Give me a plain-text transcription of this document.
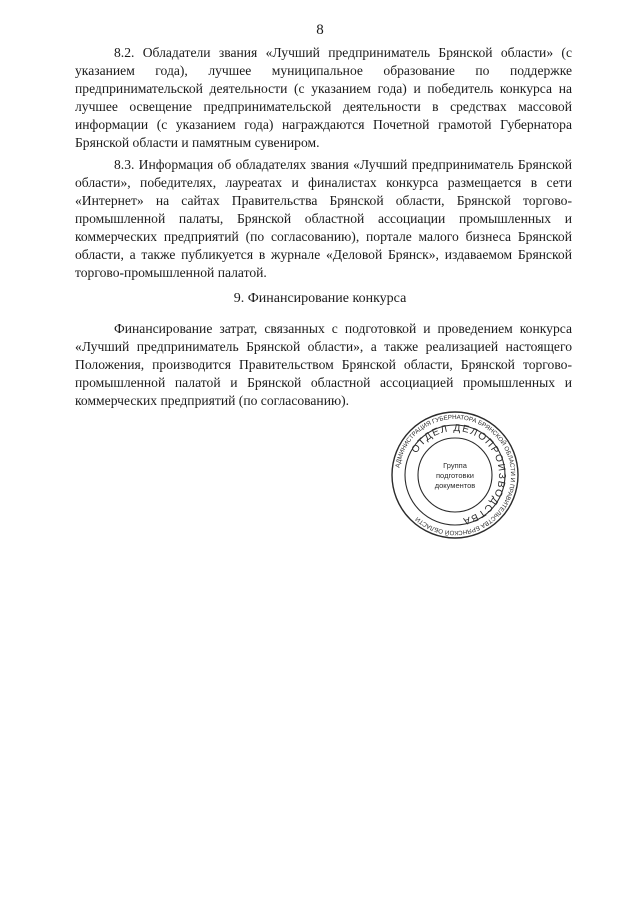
8

8.2. Обладатели звания «Лучший предприниматель Брянской области» (с указанием года), лучшее муниципальное образование по поддержке предпринимательской деятельности (с указанием года) и победитель конкурса на лучшее освещение предпринимательской деятельности в средствах массовой информации (с указанием года) награждаются Почетной грамотой Губернатора Брянской области и памятным сувениром.

8.3. Информация об обладателях звания «Лучший предприниматель Брянской области», победителях, лауреатах и финалистах конкурса размещается в сети «Интернет» на сайтах Правительства Брянской области, Брянской торгово-промышленной палаты, Брянской областной ассоциации промышленных и коммерческих предприятий (по согласованию), портале малого бизнеса Брянской области, а также публикуется в журнале «Деловой Брянск», издаваемом Брянской торгово-промышленной палатой.

9. Финансирование конкурса

Финансирование затрат, связанных с подготовкой и проведением конкурса «Лучший предприниматель Брянской области», а также реализацией настоящего Положения, производится Правительством Брянской области, Брянской торгово-промышленной палатой и Брянской областной ассоциацией промышленных и коммерческих предприятий (по согласованию).

АДМИНИСТРАЦИЯ ГУБЕРНАТОРА БРЯНСКОЙ ОБЛАСТИ И ПРАВИТЕЛЬСТВА БРЯНСКОЙ ОБЛАСТИ
ОТДЕЛ ДЕЛОПРОИЗВОДСТВА
Группа
подготовки
документов
